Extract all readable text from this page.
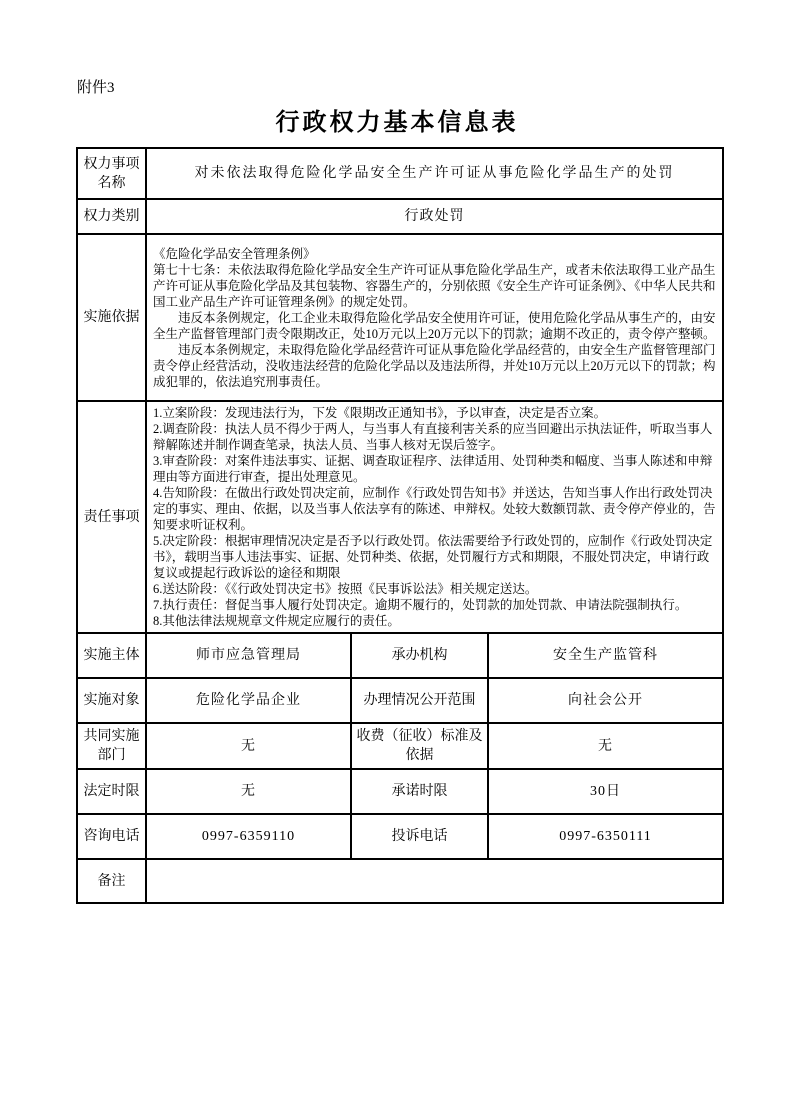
附件3
行政权力基本信息表
权力事项名称	对未依法取得危险化学品安全生产许可证从事危险化学品生产的处罚		
权力类别	行政处罚		
实施依据	《危险化学品安全管理条例》

第七十七条：未依法取得危险化学品安全生产许可证从事危险化学品生产，或者未依法取得工业产品生产许可证从事危险化学品及其包装物、容器生产的，分别依照《安全生产许可证条例》、《中华人民共和国工业产品生产许可证管理条例》的规定处罚。

违反本条例规定，化工企业未取得危险化学品安全使用许可证，使用危险化学品从事生产的，由安全生产监督管理部门责令限期改正，处10万元以上20万元以下的罚款；逾期不改正的，责令停产整顿。

违反本条例规定，未取得危险化学品经营许可证从事危险化学品经营的，由安全生产监督管理部门责令停止经营活动，没收违法经营的危险化学品以及违法所得，并处10万元以上20万元以下的罚款；构成犯罪的，依法追究刑事责任。		

责任事项	

1.立案阶段：发现违法行为，下发《限期改正通知书》，予以审查，决定是否立案。

2.调查阶段：执法人员不得少于两人，与当事人有直接利害关系的应当回避出示执法证件，听取当事人辩解陈述并制作调查笔录，执法人员、当事人核对无误后签字。

3.审查阶段：对案件违法事实、证据、调查取证程序、法律适用、处罚种类和幅度、当事人陈述和申辩理由等方面进行审查，提出处理意见。

4.告知阶段：在做出行政处罚决定前，应制作《行政处罚告知书》并送达，告知当事人作出行政处罚决定的事实、理由、依据，以及当事人依法享有的陈述、申辩权。处较大数额罚款、责令停产停业的，告知要求听证权利。

5.决定阶段：根据审理情况决定是否予以行政处罚。依法需要给予行政处罚的，应制作《行政处罚决定书》，载明当事人违法事实、证据、处罚种类、依据，处罚履行方式和期限，不服处罚决定，申请行政复议或提起行政诉讼的途径和期限

6.送达阶段：《《行政处罚决定书》按照《民事诉讼法》相关规定送达。

7.执行责任：督促当事人履行处罚决定。逾期不履行的，处罚款的加处罚款、申请法院强制执行。

8.其他法律法规规章文件规定应履行的责任。

实施主体	师市应急管理局	承办机构	安全生产监管科
实施对象	危险化学品企业	办理情况公开范围	向社会公开
共同实施部门	无	收费（征收）标准及依据	无
法定时限	无	承诺时限	30日
咨询电话	0997-6359110	投诉电话	0997-6350111
备注			
